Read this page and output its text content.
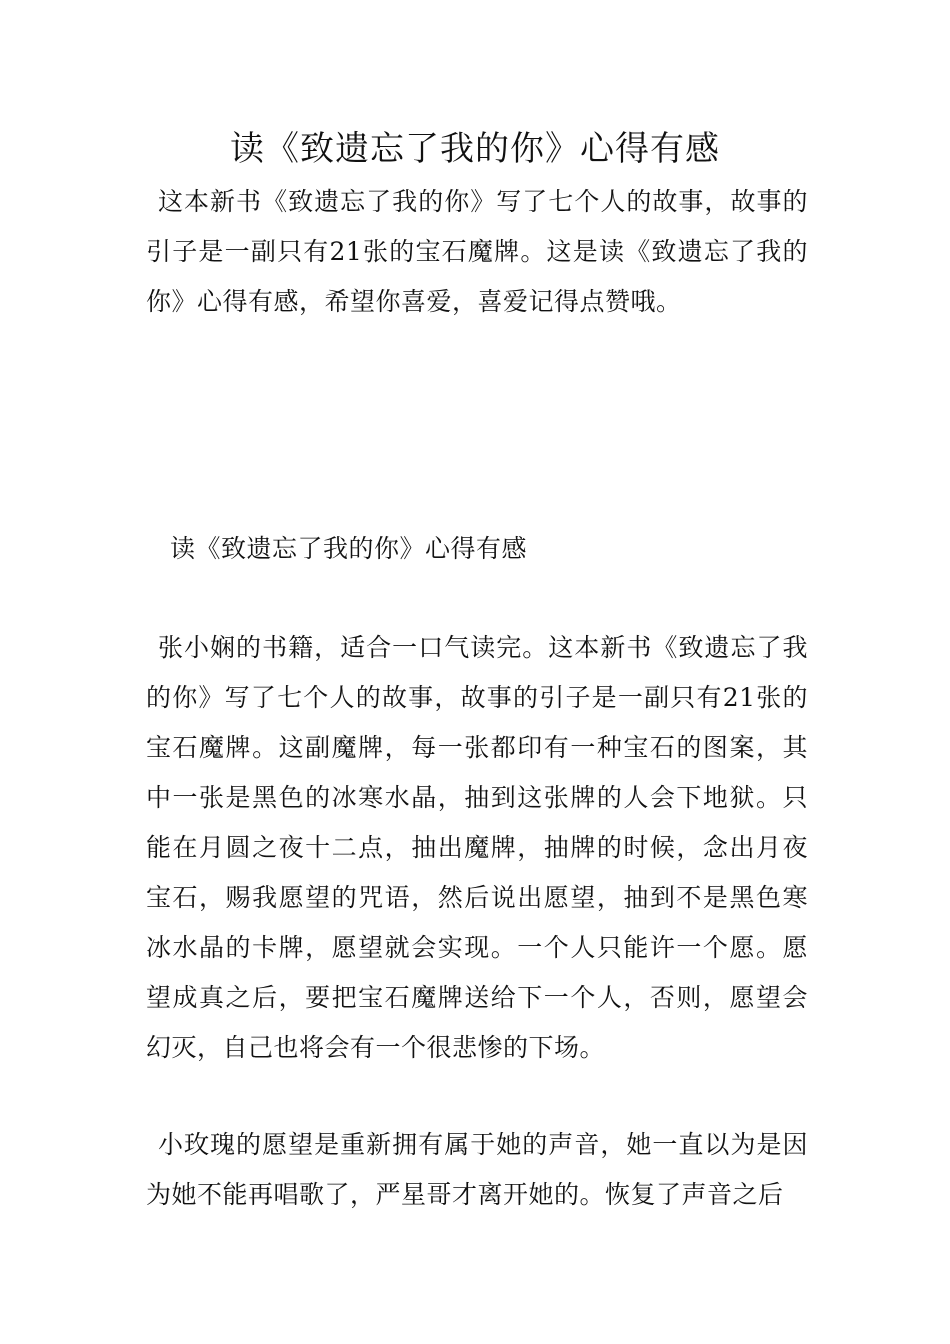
读《致遗忘了我的你》心得有感

这本新书《致遗忘了我的你》写了七个人的故事，故事的引子是一副只有21张的宝石魔牌。这是读《致遗忘了我的你》心得有感，希望你喜爱，喜爱记得点赞哦。

读《致遗忘了我的你》心得有感

张小娴的书籍，适合一口气读完。这本新书《致遗忘了我的你》写了七个人的故事，故事的引子是一副只有21张的宝石魔牌。这副魔牌，每一张都印有一种宝石的图案，其中一张是黑色的冰寒水晶，抽到这张牌的人会下地狱。只能在月圆之夜十二点，抽出魔牌，抽牌的时候，念出月夜宝石，赐我愿望的咒语，然后说出愿望，抽到不是黑色寒冰水晶的卡牌，愿望就会实现。一个人只能许一个愿。愿望成真之后，要把宝石魔牌送给下一个人，否则，愿望会幻灭，自己也将会有一个很悲惨的下场。

小玫瑰的愿望是重新拥有属于她的声音，她一直以为是因为她不能再唱歌了，严星哥才离开她的。恢复了声音之后
